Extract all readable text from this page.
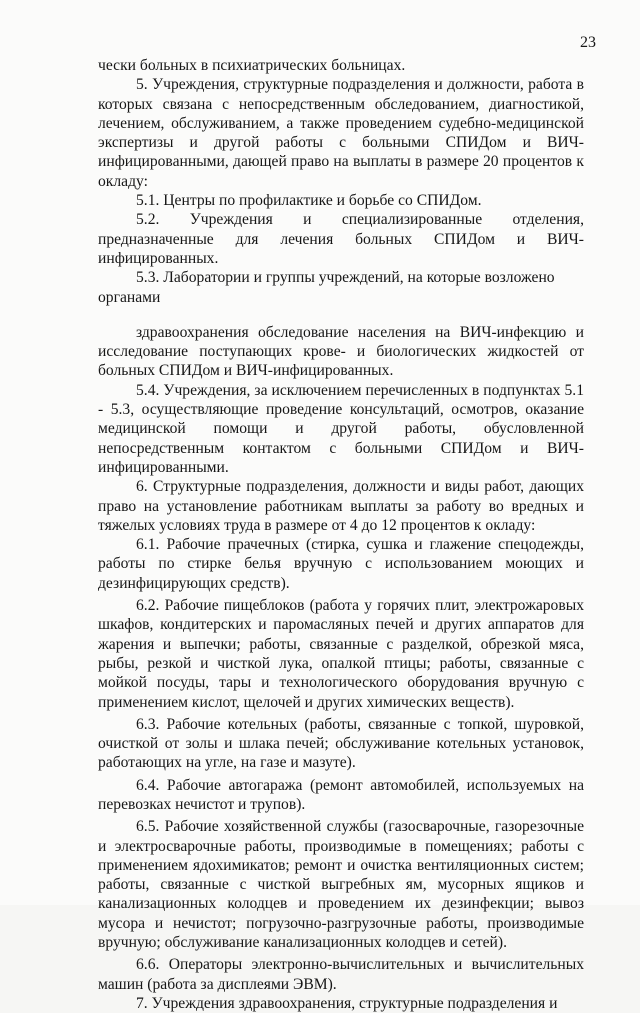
23

чески больных в психиатрических больницах.

5. Учреждения, структурные подразделения и должности, работа в которых связана с непосредственным обследованием, диагностикой, лечением, обслуживанием, а также проведением судебно-медицинской экспертизы и другой работы с больными СПИДом и ВИЧ-инфицированными, дающей право на выплаты в размере 20 процентов к окладу:

5.1. Центры по профилактике и борьбе со СПИДом.

5.2. Учреждения и специализированные отделения, предназначенные для лечения больных СПИДом и ВИЧ-инфицированных.

5.3. Лаборатории и группы учреждений, на которые возложено органами

здравоохранения обследование населения на ВИЧ-инфекцию и исследование поступающих крове- и биологических жидкостей от больных СПИДом и ВИЧ-инфицированных.

5.4. Учреждения, за исключением перечисленных в подпунктах 5.1 - 5.3, осуществляющие проведение консультаций, осмотров, оказание медицинской помощи и другой работы, обусловленной непосредственным контактом с больными СПИДом и ВИЧ-инфицированными.

6. Структурные подразделения, должности и виды работ, дающих право на установление работникам выплаты за работу во вредных и тяжелых условиях труда в размере от 4 до 12 процентов к окладу:

6.1. Рабочие прачечных (стирка, сушка и глажение спецодежды, работы по стирке белья вручную с использованием моющих и дезинфицирующих средств).

6.2. Рабочие пищеблоков (работа у горячих плит, электрожаровых шкафов, кондитерских и паромасляных печей и других аппаратов для жарения и выпечки; работы, связанные с разделкой, обрезкой мяса, рыбы, резкой и чисткой лука, опалкой птицы; работы, связанные с мойкой посуды, тары и технологического оборудования вручную с применением кислот, щелочей и других химических веществ).

6.3. Рабочие котельных (работы, связанные с топкой, шуровкой, очисткой от золы и шлака печей; обслуживание котельных установок, работающих на угле, на газе и мазуте).

6.4. Рабочие автогаража (ремонт автомобилей, используемых на перевозках нечистот и трупов).

6.5. Рабочие хозяйственной службы (газосварочные, газорезочные и электросварочные работы, производимые в помещениях; работы с применением ядохимикатов; ремонт и очистка вентиляционных систем; работы, связанные с чисткой выгребных ям, мусорных ящиков и канализационных колодцев и проведением их дезинфекции; вывоз мусора и нечистот; погрузочно-разгрузочные работы, производимые вручную; обслуживание канализационных колодцев и сетей).

6.6. Операторы электронно-вычислительных и вычислительных машин (работа за дисплеями ЭВМ).

7. Учреждения здравоохранения, структурные подразделения и
